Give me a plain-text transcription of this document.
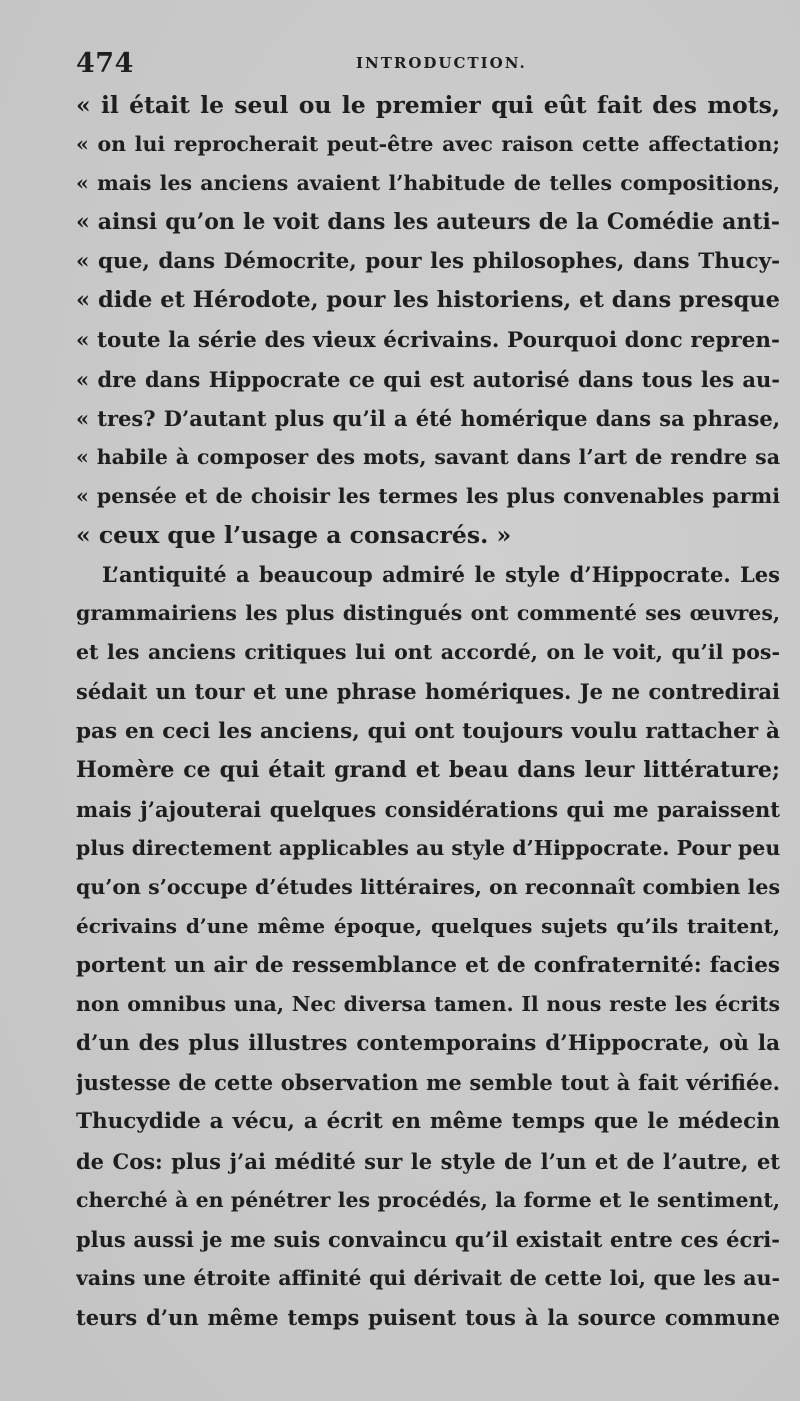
474	INTRODUCTION.
« il était le seul ou le premier qui eût fait des mots,
« on lui reprocherait peut-être avec raison cette affectation;
« mais les anciens avaient l’habitude de telles compositions,
« ainsi qu’on le voit dans les auteurs de la Comédie anti-
« que, dans Démocrite, pour les philosophes, dans Thucy-
« dide et Hérodote, pour les historiens, et dans presque
« toute la série des vieux écrivains. Pourquoi donc repren-
« dre dans Hippocrate ce qui est autorisé dans tous les au-
« tres? D’autant plus qu’il a été homérique dans sa phrase,
« habile à composer des mots, savant dans l’art de rendre sa
« pensée et de choisir les termes les plus convenables parmi
« ceux que l’usage a consacrés. »
L’antiquité a beaucoup admiré le style d’Hippocrate. Les
grammairiens les plus distingués ont commenté ses œuvres,
et les anciens critiques lui ont accordé, on le voit, qu’il pos-
sédait un tour et une phrase homériques. Je ne contredirai
pas en ceci les anciens, qui ont toujours voulu rattacher à
Homère ce qui était grand et beau dans leur littérature;
mais j’ajouterai quelques considérations qui me paraissent
plus directement applicables au style d’Hippocrate. Pour peu
qu’on s’occupe d’études littéraires, on reconnaît combien les
écrivains d’une même époque, quelques sujets qu’ils traitent,
portent un air de ressemblance et de confraternité: facies
non omnibus una, Nec diversa tamen. Il nous reste les écrits
d’un des plus illustres contemporains d’Hippocrate, où la
justesse de cette observation me semble tout à fait vérifiée.
Thucydide a vécu, a écrit en même temps que le médecin
de Cos: plus j’ai médité sur le style de l’un et de l’autre, et
cherché à en pénétrer les procédés, la forme et le sentiment,
plus aussi je me suis convaincu qu’il existait entre ces écri-
vains une étroite affinité qui dérivait de cette loi, que les au-
teurs d’un même temps puisent tous à la source commune
